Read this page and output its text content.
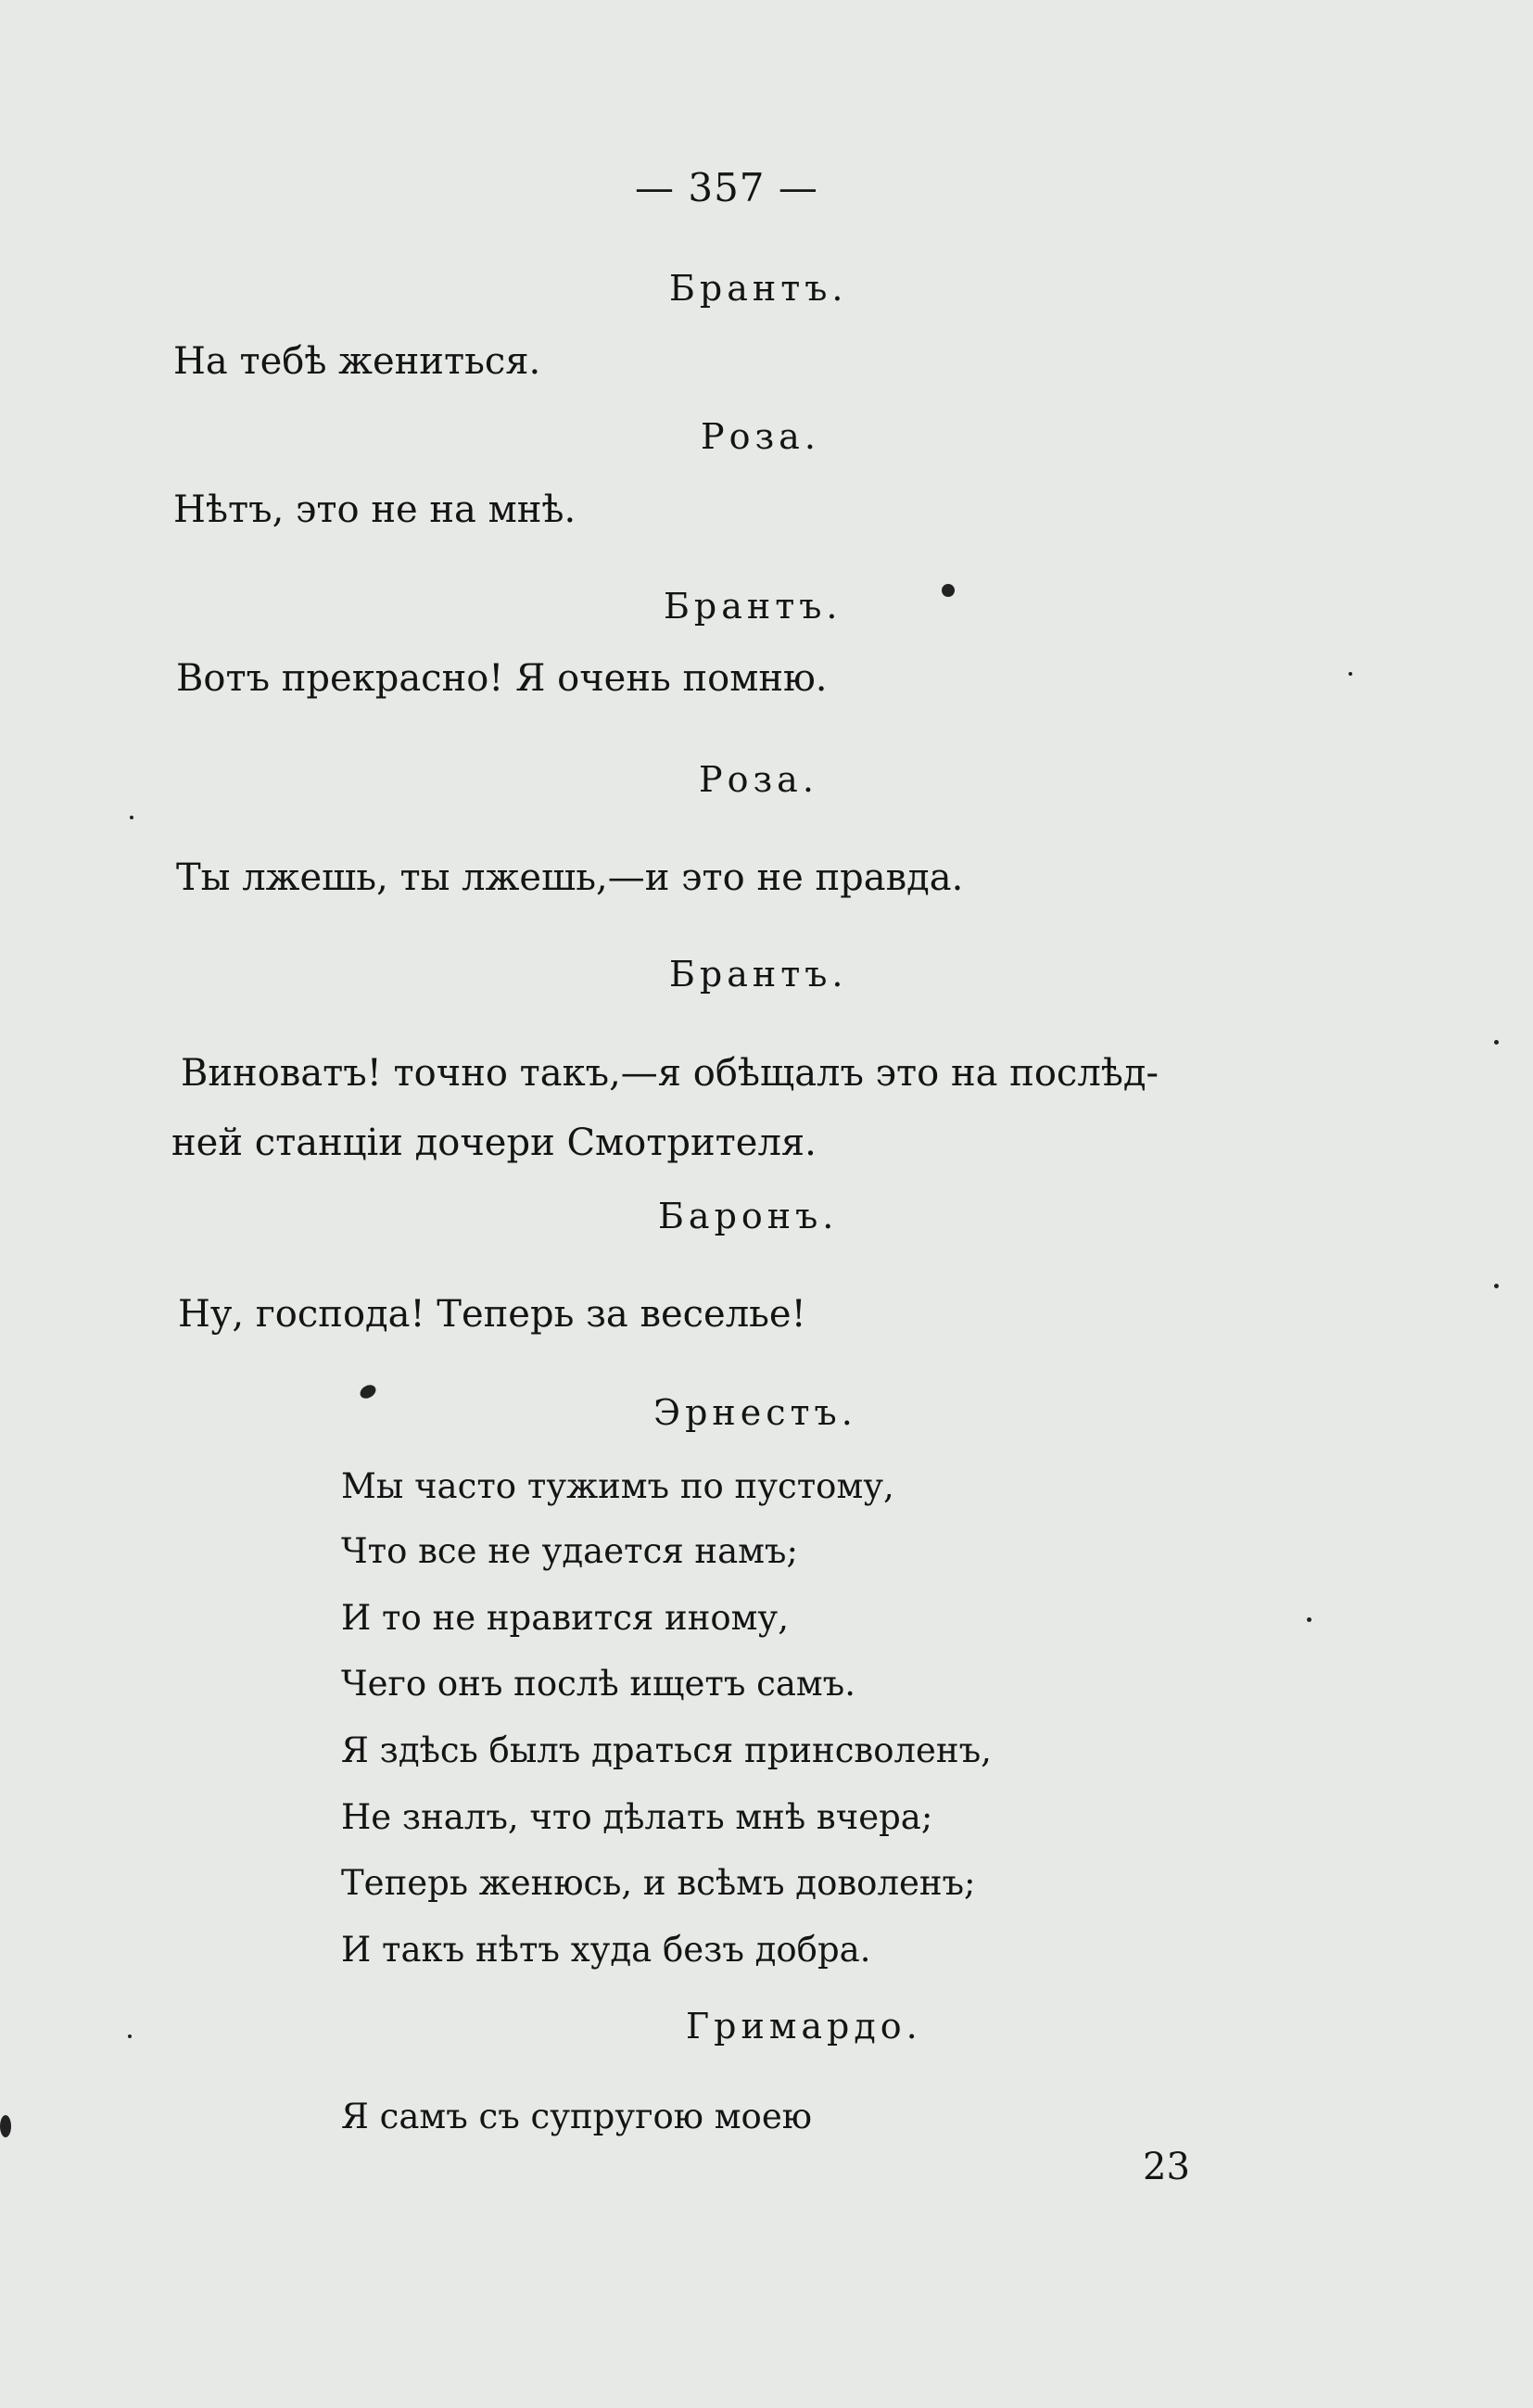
— 357 —
Брантъ.
На тебѣ жениться.
Роза.
Нѣтъ, это не на мнѣ.
Брантъ.
Вотъ прекрасно! Я очень помню.
Роза.
Ты лжешь, ты лжешь,—и это не правда.
Брантъ.
Виноватъ! точно такъ,—я обѣщалъ это на послѣд-
ней станціи дочери Смотрителя.
Баронъ.
Ну, господа! Теперь за веселье!
Эрнестъ.
Мы часто тужимъ по пустому,
Что все не удается намъ;
И то не нравится иному,
Чего онъ послѣ ищетъ самъ.
Я здѣсь былъ драться принсволенъ,
Не зналъ, что дѣлать мнѣ вчера;
Теперь женюсь, и всѣмъ доволенъ;
И такъ нѣтъ худа безъ добра.
Гримардо.
Я самъ съ супругою моею
23
